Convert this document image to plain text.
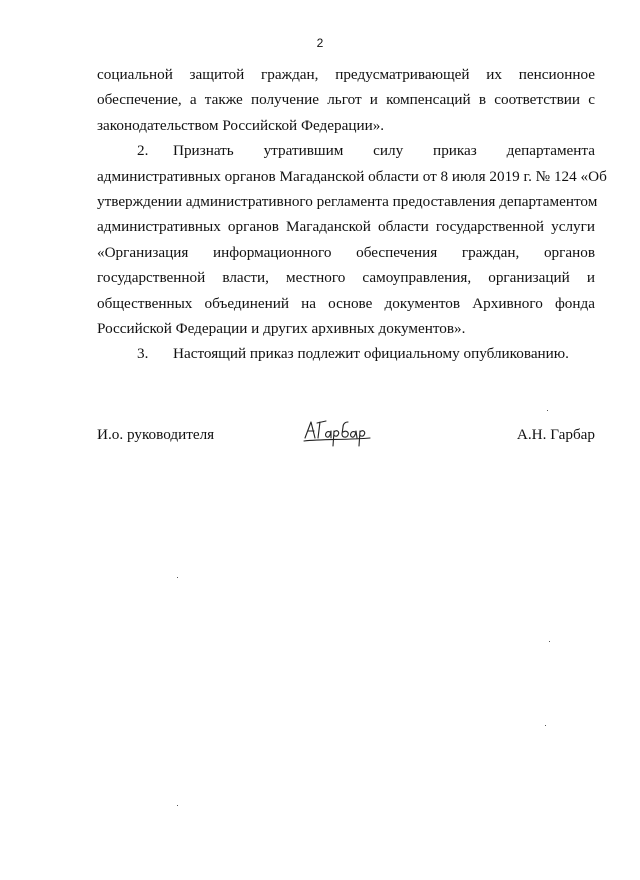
2
социальной защитой граждан, предусматривающей их пенсионное
обеспечение, а также получение льгот и компенсаций в соответствии с
законодательством Российской Федерации».
2. Признать утратившим силу приказ департамента
административных органов Магаданской области от 8 июля 2019 г. № 124 «Об
утверждении административного регламента предоставления департаментом
административных органов Магаданской области государственной услуги
«Организация информационного обеспечения граждан, органов
государственной власти, местного самоуправления, организаций и
общественных объединений на основе документов Архивного фонда
Российской Федерации и других архивных документов».
3. Настоящий приказ подлежит официальному опубликованию.
И.о. руководителя	А.Н. Гарбар
